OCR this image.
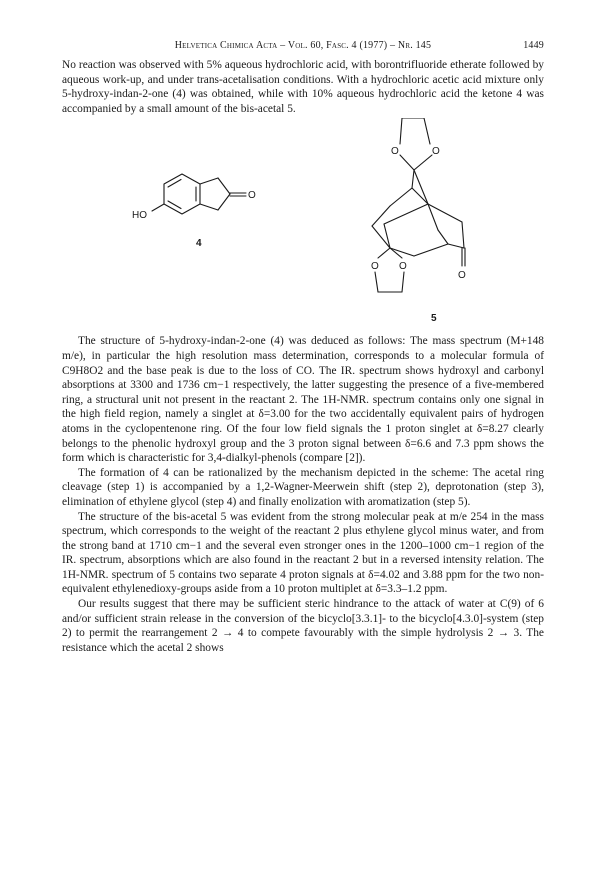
Helvetica Chimica Acta – Vol. 60, Fasc. 4 (1977) – Nr. 145	1449

No reaction was observed with 5% aqueous hydrochloric acid, with borontrifluoride etherate followed by aqueous work-up, and under trans-acetalisation conditions. With a hydrochloric acetic acid mixture only 5-hydroxy-indan-2-one (4) was obtained, while with 10% aqueous hydrochloric acid the ketone 4 was accompanied by a small amount of the bis-acetal 5.

O
HO
4
O	O
O
O O
5

The structure of 5-hydroxy-indan-2-one (4) was deduced as follows: The mass spectrum (M+148 m/e), in particular the high resolution mass determination, corresponds to a molecular formula of C9H8O2 and the base peak is due to the loss of CO. The IR. spectrum shows hydroxyl and carbonyl absorptions at 3300 and 1736 cm−1 respectively, the latter suggesting the presence of a five-membered ring, a structural unit not present in the reactant 2. The 1H-NMR. spectrum contains only one signal in the high field region, namely a singlet at δ=3.00 for the two accidentally equivalent pairs of hydrogen atoms in the cyclopentenone ring. Of the four low field signals the 1 proton singlet at δ=8.27 clearly belongs to the phenolic hydroxyl group and the 3 proton signal between δ=6.6 and 7.3 ppm shows the form which is characteristic for 3,4-dialkyl-phenols (compare [2]).

The formation of 4 can be rationalized by the mechanism depicted in the scheme: The acetal ring cleavage (step 1) is accompanied by a 1,2-Wagner-Meerwein shift (step 2), deprotonation (step 3), elimination of ethylene glycol (step 4) and finally enolization with aromatization (step 5).

The structure of the bis-acetal 5 was evident from the strong molecular peak at m/e 254 in the mass spectrum, which corresponds to the weight of the reactant 2 plus ethylene glycol minus water, and from the strong band at 1710 cm−1 and the several even stronger ones in the 1200–1000 cm−1 region of the IR. spectrum, absorptions which are also found in the reactant 2 but in a reversed intensity relation. The 1H-NMR. spectrum of 5 contains two separate 4 proton signals at δ=4.02 and 3.88 ppm for the two non-equivalent ethylenedioxy-groups aside from a 10 proton multiplet at δ=3.3–1.2 ppm.

Our results suggest that there may be sufficient steric hindrance to the attack of water at C(9) of 6 and/or sufficient strain release in the conversion of the bicyclo[3.3.1]- to the bicyclo[4.3.0]-system (step 2) to permit the rearrangement 2 → 4 to compete favourably with the simple hydrolysis 2 → 3. The resistance which the acetal 2 shows
